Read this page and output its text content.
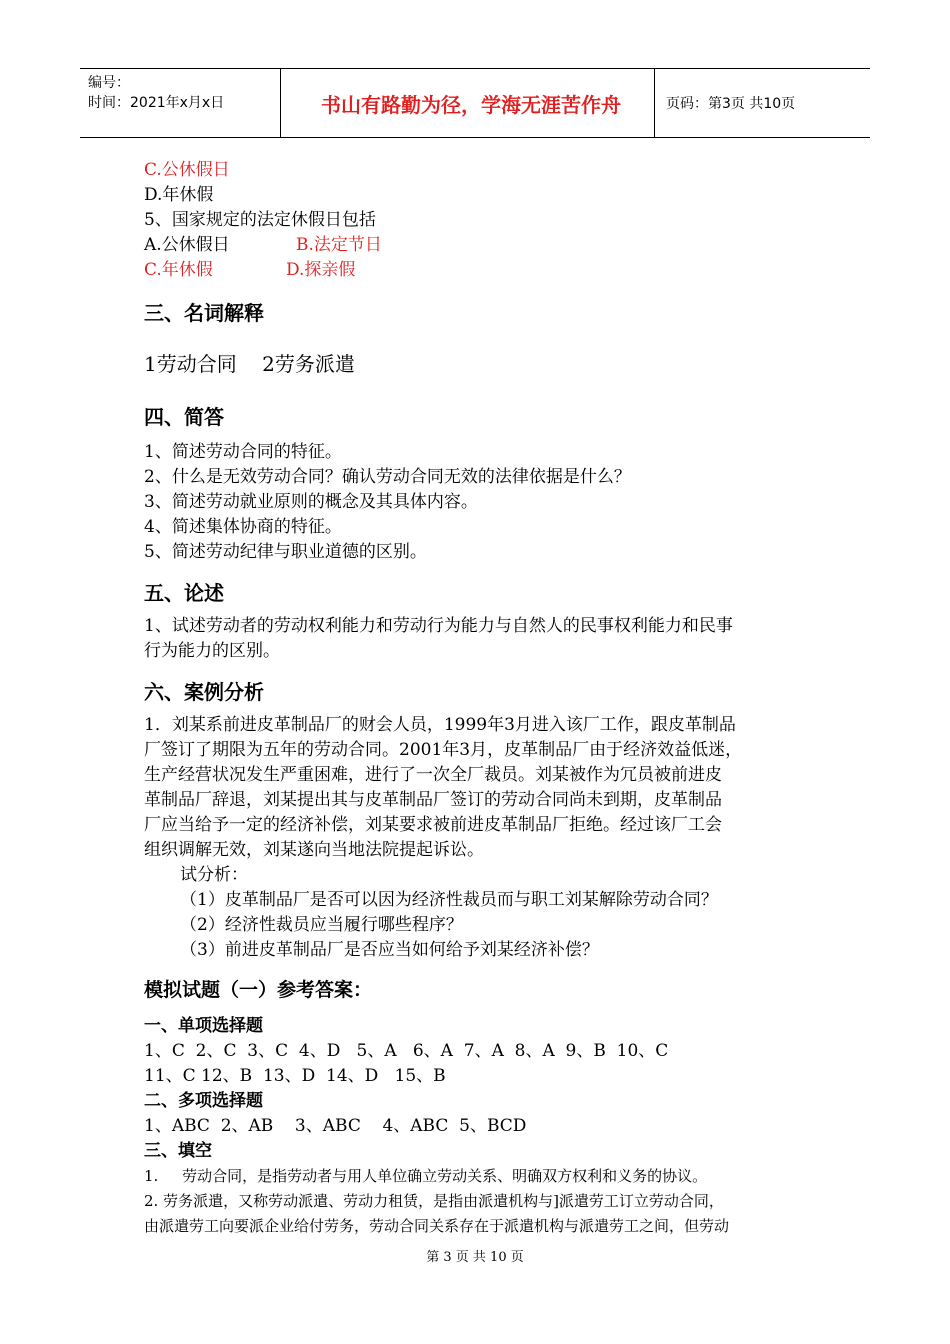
编号：
时间：2021年x月x日	书山有路勤为径，学海无涯苦作舟	页码：第3页 共10页
C.公休假日
D.年休假
5、国家规定的法定休假日包括
A.公休假日	B.法定节日
C.年休假	D.探亲假
三、名词解释
1劳动合同    2劳务派遣
四、简答
1、简述劳动合同的特征。
2、什么是无效劳动合同？确认劳动合同无效的法律依据是什么？
3、简述劳动就业原则的概念及其具体内容。
4、简述集体协商的特征。
5、简述劳动纪律与职业道德的区别。
五、论述
1、试述劳动者的劳动权利能力和劳动行为能力与自然人的民事权利能力和民事
行为能力的区别。
六、案例分析
1．刘某系前进皮革制品厂的财会人员，1999年3月进入该厂工作，跟皮革制品
厂签订了期限为五年的劳动合同。2001年3月，皮革制品厂由于经济效益低迷，
生产经营状况发生严重困难，进行了一次全厂裁员。刘某被作为冗员被前进皮
革制品厂辞退，刘某提出其与皮革制品厂签订的劳动合同尚未到期，皮革制品
厂应当给予一定的经济补偿，刘某要求被前进皮革制品厂拒绝。经过该厂工会
组织调解无效，刘某遂向当地法院提起诉讼。
试分析：
（1）皮革制品厂是否可以因为经济性裁员而与职工刘某解除劳动合同？
（2）经济性裁员应当履行哪些程序？
（3）前进皮革制品厂是否应当如何给予刘某经济补偿？
模拟试题（一）参考答案：
一、单项选择题
1、C  2、C  3、C  4、D   5、A   6、A  7、A  8、A  9、B  10、C
11、C 12、B  13、D  14、D   15、B
二、多项选择题
1、ABC  2、AB    3、ABC    4、ABC  5、BCD
三、填空
1.     劳动合同，是指劳动者与用人单位确立劳动关系、明确双方权利和义务的协议。
2. 劳务派遣，又称劳动派遣、劳动力租赁，是指由派遣机构与]派遣劳工订立劳动合同，
由派遣劳工向要派企业给付劳务，劳动合同关系存在于派遣机构与派遣劳工之间，但劳动
第 3 页 共 10 页
